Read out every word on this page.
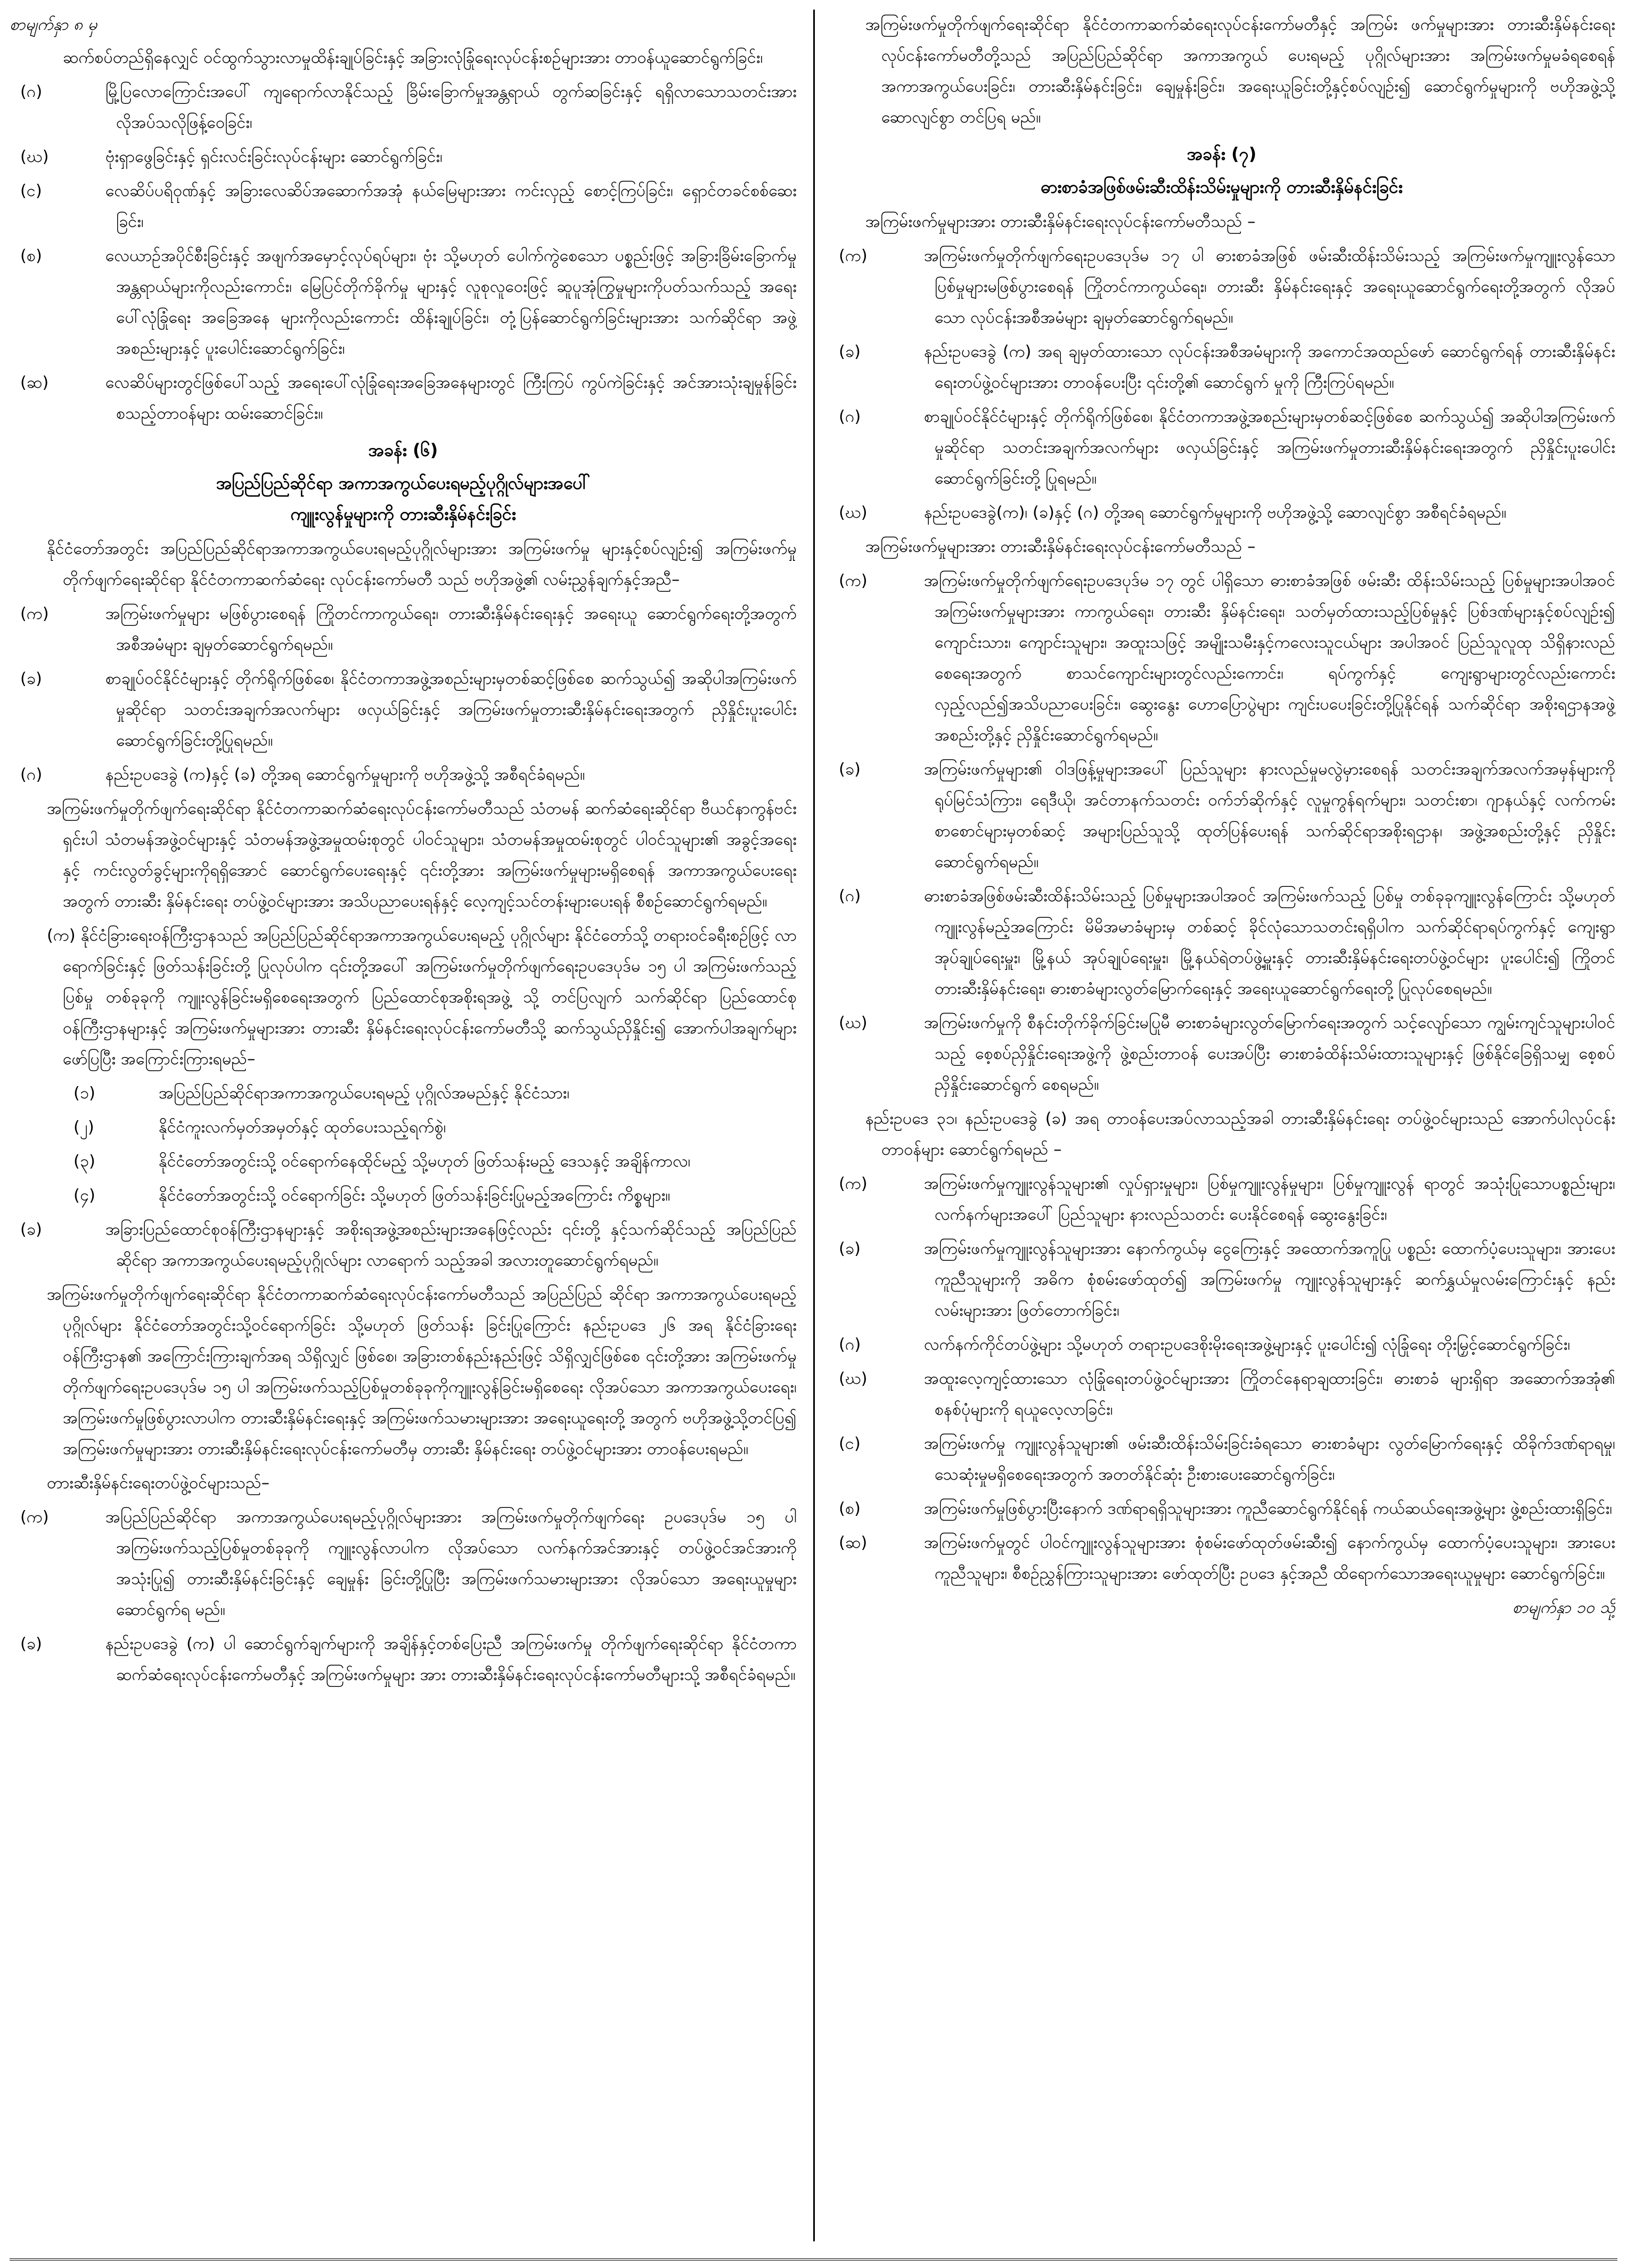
စာမျက်နှာ ၈ မှ
ဆက်စပ်တည်ရှိနေလျှင် ဝင်ထွက်သွားလာမှုထိန်းချုပ်ခြင်းနှင့် အခြားလုံခြုံရေးလုပ်ငန်းစဉ်များအား တာဝန်ယူဆောင်ရွက်ခြင်း၊
(ဂ)	မြို့ပြလောကြောင်းအပေါ် ကျရောက်လာနိုင်သည့် ခြိမ်းခြောက်မှုအန္တရာယ် တွက်ဆခြင်းနှင့် ရရှိလာသောသတင်းအား လိုအပ်သလိုဖြန့်ဝေခြင်း၊
(ဃ)	ဗုံးရှာဖွေခြင်းနှင့် ရှင်းလင်းခြင်းလုပ်ငန်းများ ဆောင်ရွက်ခြင်း၊
(င)	လေဆိပ်ပရိဝုဏ်နှင့် အခြားလေဆိပ်အဆောက်အအုံ နယ်မြေများအား ကင်းလှည့် စောင့်ကြပ်ခြင်း၊ ရှောင်တခင်စစ်ဆေးခြင်း၊
(စ)	လေယာဉ်အပိုင်စီးခြင်းနှင့် အဖျက်အမှောင့်လုပ်ရပ်များ၊ ဗုံး သို့မဟုတ် ပေါက်ကွဲစေသော ပစ္စည်းဖြင့် အခြားခြိမ်းခြောက်မှု အန္တရာယ်များကိုလည်းကောင်း၊ မြေပြင်တိုက်ခိုက်မှု များနှင့် လူစုလူဝေးဖြင့် ဆူပူအုံကြွမှုများကိုပတ်သက်သည့် အရေးပေါ်လုံခြုံရေး အခြေအနေ များကိုလည်းကောင်း ထိန်းချုပ်ခြင်း၊ တုံ့ပြန်ဆောင်ရွက်ခြင်းများအား သက်ဆိုင်ရာ အဖွဲ့အစည်းများနှင့် ပူးပေါင်းဆောင်ရွက်ခြင်း၊
(ဆ)	လေဆိပ်များတွင်ဖြစ်ပေါ်သည့် အရေးပေါ်လုံခြုံရေးအခြေအနေများတွင် ကြီးကြပ် ကွပ်ကဲခြင်းနှင့် အင်အားသုံးချမှုန်ခြင်း စသည့်တာဝန်များ ထမ်းဆောင်ခြင်း။
အခန်း (၆)
အပြည်ပြည်ဆိုင်ရာ အကာအကွယ်ပေးရမည့်ပုဂ္ဂိုလ်များအပေါ်
ကျူးလွန်မှုများကို တားဆီးနှိမ်နင်းခြင်း
နိုင်ငံတော်အတွင်း အပြည်ပြည်ဆိုင်ရာအကာအကွယ်ပေးရမည့်ပုဂ္ဂိုလ်များအား အကြမ်းဖက်မှု များနှင့်စပ်လျဉ်း၍ အကြမ်းဖက်မှုတိုက်ဖျက်ရေးဆိုင်ရာ နိုင်ငံတကာဆက်ဆံရေး လုပ်ငန်းကော်မတီ သည် ဗဟိုအဖွဲ့၏ လမ်းညွှန်ချက်နှင့်အညီ–
(က)	အကြမ်းဖက်မှုများ မဖြစ်ပွားစေရန် ကြိုတင်ကာကွယ်ရေး၊ တားဆီးနှိမ်နင်းရေးနှင့် အရေးယူ ဆောင်ရွက်ရေးတို့အတွက် အစီအမံများ ချမှတ်ဆောင်ရွက်ရမည်။
(ခ)	စာချုပ်ဝင်နိုင်ငံများနှင့် တိုက်ရိုက်ဖြစ်စေ၊ နိုင်ငံတကာအဖွဲ့အစည်းများမှတစ်ဆင့်ဖြစ်စေ ဆက်သွယ်၍ အဆိုပါအကြမ်းဖက်မှုဆိုင်ရာ သတင်းအချက်အလက်များ ဖလှယ်ခြင်းနှင့် အကြမ်းဖက်မှုတားဆီးနှိမ်နင်းရေးအတွက် ညှိနှိုင်းပူးပေါင်းဆောင်ရွက်ခြင်းတို့ပြုရမည်။
(ဂ)	နည်းဥပဒေခွဲ (က)နှင့် (ခ) တို့အရ ဆောင်ရွက်မှုများကို ဗဟိုအဖွဲ့သို့ အစီရင်ခံရမည်။
အကြမ်းဖက်မှုတိုက်ဖျက်ရေးဆိုင်ရာ နိုင်ငံတကာဆက်ဆံရေးလုပ်ငန်းကော်မတီသည် သံတမန် ဆက်ဆံရေးဆိုင်ရာ ဗီယင်နာကွန်ဗင်းရှင်းပါ သံတမန်အဖွဲ့ဝင်များနှင့် သံတမန်အဖွဲ့အမှုထမ်းစုတွင် ပါဝင်သူများ၊ သံတမန်အမှုထမ်းစုတွင် ပါဝင်သူများ၏ အခွင့်အရေးနှင့် ကင်းလွတ်ခွင့်များကိုရရှိအောင် ဆောင်ရွက်ပေးရေးနှင့် ၎င်းတို့အား အကြမ်းဖက်မှုများမရှိစေရန် အကာအကွယ်ပေးရေးအတွက် တားဆီး နှိမ်နင်းရေး တပ်ဖွဲ့ဝင်များအား အသိပညာပေးရန်နှင့် လေ့ကျင့်သင်တန်းများပေးရန် စီစဉ်ဆောင်ရွက်ရမည်။
(က) နိုင်ငံခြားရေးဝန်ကြီးဌာနသည် အပြည်ပြည်ဆိုင်ရာအကာအကွယ်ပေးရမည့် ပုဂ္ဂိုလ်များ နိုင်ငံတော်သို့ တရားဝင်ခရီးစဉ်ဖြင့် လာရောက်ခြင်းနှင့် ဖြတ်သန်းခြင်းတို့ ပြုလုပ်ပါက ၎င်းတို့အပေါ် အကြမ်းဖက်မှုတိုက်ဖျက်ရေးဥပဒေပုဒ်မ ၁၅ ပါ အကြမ်းဖက်သည့် ပြစ်မှု တစ်ခုခုကို ကျူးလွန်ခြင်းမရှိစေရေးအတွက် ပြည်ထောင်စုအစိုးရအဖွဲ့ သို့ တင်ပြလျက် သက်ဆိုင်ရာ ပြည်ထောင်စုဝန်ကြီးဌာနများနှင့် အကြမ်းဖက်မှုများအား တားဆီး နှိမ်နင်းရေးလုပ်ငန်းကော်မတီသို့ ဆက်သွယ်ညှိနှိုင်း၍ အောက်ပါအချက်များ ဖော်ပြပြီး အကြောင်းကြားရမည်–
(၁)	အပြည်ပြည်ဆိုင်ရာအကာအကွယ်ပေးရမည့် ပုဂ္ဂိုလ်အမည်နှင့် နိုင်ငံသား၊
(၂)	နိုင်ငံကူးလက်မှတ်အမှတ်နှင့် ထုတ်ပေးသည့်ရက်စွဲ၊
(၃)	နိုင်ငံတော်အတွင်းသို့ ဝင်ရောက်နေထိုင်မည့် သို့မဟုတ် ဖြတ်သန်းမည့် ဒေသနှင့် အချိန်ကာလ၊
(၄)	နိုင်ငံတော်အတွင်းသို့ ဝင်ရောက်ခြင်း သို့မဟုတ် ဖြတ်သန်းခြင်းပြုမည့်အကြောင်း ကိစ္စများ။
(ခ)	အခြားပြည်ထောင်စုဝန်ကြီးဌာနများနှင့် အစိုးရအဖွဲ့အစည်းများအနေဖြင့်လည်း ၎င်းတို့ နှင့်သက်ဆိုင်သည့် အပြည်ပြည်ဆိုင်ရာ အကာအကွယ်ပေးရမည့်ပုဂ္ဂိုလ်များ လာရောက် သည့်အခါ အလားတူဆောင်ရွက်ရမည်။
အကြမ်းဖက်မှုတိုက်ဖျက်ရေးဆိုင်ရာ နိုင်ငံတကာဆက်ဆံရေးလုပ်ငန်းကော်မတီသည် အပြည်ပြည် ဆိုင်ရာ အကာအကွယ်ပေးရမည့်ပုဂ္ဂိုလ်များ နိုင်ငံတော်အတွင်းသို့ဝင်ရောက်ခြင်း သို့မဟုတ် ဖြတ်သန်း ခြင်းပြုကြောင်း နည်းဥပဒေ ၂၆ အရ နိုင်ငံခြားရေးဝန်ကြီးဌာန၏ အကြောင်းကြားချက်အရ သိရှိလျှင် ဖြစ်စေ၊ အခြားတစ်နည်းနည်းဖြင့် သိရှိလျှင်ဖြစ်စေ ၎င်းတို့အား အကြမ်းဖက်မှု တိုက်ဖျက်ရေးဥပဒေပုဒ်မ ၁၅ ပါ အကြမ်းဖက်သည့်ပြစ်မှုတစ်ခုခုကိုကျူးလွန်ခြင်းမရှိစေရေး လိုအပ်သော အကာအကွယ်ပေးရေး၊ အကြမ်းဖက်မှုဖြစ်ပွားလာပါက တားဆီးနှိမ်နင်းရေးနှင့် အကြမ်းဖက်သမားများအား အရေးယူရေးတို့ အတွက် ဗဟိုအဖွဲ့သို့တင်ပြ၍ အကြမ်းဖက်မှုများအား တားဆီးနှိမ်နင်းရေးလုပ်ငန်းကော်မတီမှ တားဆီး နှိမ်နင်းရေး တပ်ဖွဲ့ဝင်များအား တာဝန်ပေးရမည်။
တားဆီးနှိမ်နင်းရေးတပ်ဖွဲ့ဝင်များသည်–
(က)	အပြည်ပြည်ဆိုင်ရာ အကာအကွယ်ပေးရမည့်ပုဂ္ဂိုလ်များအား အကြမ်းဖက်မှုတိုက်ဖျက်ရေး ဥပဒေပုဒ်မ ၁၅ ပါ အကြမ်းဖက်သည့်ပြစ်မှုတစ်ခုခုကို ကျူးလွန်လာပါက လိုအပ်သော လက်နက်အင်အားနှင့် တပ်ဖွဲ့ဝင်အင်အားကိုအသုံးပြု၍ တားဆီးနှိမ်နင်းခြင်းနှင့် ချေမှုန်း ခြင်းတို့ပြုပြီး အကြမ်းဖက်သမားများအား လိုအပ်သော အရေးယူမှုများ ဆောင်ရွက်ရ မည်။
(ခ)	နည်းဥပဒေခွဲ (က) ပါ ဆောင်ရွက်ချက်များကို အချိန်နှင့်တစ်ပြေးညီ အကြမ်းဖက်မှု တိုက်ဖျက်ရေးဆိုင်ရာ နိုင်ငံတကာဆက်ဆံရေးလုပ်ငန်းကော်မတီနှင့် အကြမ်းဖက်မှုများ အား တားဆီးနှိမ်နင်းရေးလုပ်ငန်းကော်မတီများသို့ အစီရင်ခံရမည်။
အကြမ်းဖက်မှုတိုက်ဖျက်ရေးဆိုင်ရာ နိုင်ငံတကာဆက်ဆံရေးလုပ်ငန်းကော်မတီနှင့် အကြမ်း ဖက်မှုများအား တားဆီးနှိမ်နင်းရေးလုပ်ငန်းကော်မတီတို့သည် အပြည်ပြည်ဆိုင်ရာ အကာအကွယ် ပေးရမည့် ပုဂ္ဂိုလ်များအား အကြမ်းဖက်မှုမခံရစေရန် အကာအကွယ်ပေးခြင်း၊ တားဆီးနှိမ်နင်းခြင်း၊ ချေမှုန်းခြင်း၊ အရေးယူခြင်းတို့နှင့်စပ်လျဉ်း၍ ဆောင်ရွက်မှုများကို ဗဟိုအဖွဲ့သို့ ဆောလျင်စွာ တင်ပြရ မည်။
အခန်း (၇)
ဓားစာခံအဖြစ်ဖမ်းဆီးထိန်းသိမ်းမှုများကို တားဆီးနှိမ်နင်းခြင်း
အကြမ်းဖက်မှုများအား တားဆီးနှိမ်နင်းရေးလုပ်ငန်းကော်မတီသည် –
(က)	အကြမ်းဖက်မှုတိုက်ဖျက်ရေးဥပဒေပုဒ်မ ၁၇ ပါ ဓားစာခံအဖြစ် ဖမ်းဆီးထိန်းသိမ်းသည့် အကြမ်းဖက်မှုကျူးလွန်သော ပြစ်မှုများမဖြစ်ပွားစေရန် ကြိုတင်ကာကွယ်ရေး၊ တားဆီး နှိမ်နင်းရေးနှင့် အရေးယူဆောင်ရွက်ရေးတို့အတွက် လိုအပ်သော လုပ်ငန်းအစီအမံများ ချမှတ်ဆောင်ရွက်ရမည်။
(ခ)	နည်းဥပဒေခွဲ (က) အရ ချမှတ်ထားသော လုပ်ငန်းအစီအမံများကို အကောင်အထည်ဖော် ဆောင်ရွက်ရန် တားဆီးနှိမ်နင်းရေးတပ်ဖွဲ့ဝင်များအား တာဝန်ပေးပြီး ၎င်းတို့၏ ဆောင်ရွက် မှုကို ကြီးကြပ်ရမည်။
(ဂ)	စာချုပ်ဝင်နိုင်ငံများနှင့် တိုက်ရိုက်ဖြစ်စေ၊ နိုင်ငံတကာအဖွဲ့အစည်းများမှတစ်ဆင့်ဖြစ်စေ ဆက်သွယ်၍ အဆိုပါအကြမ်းဖက်မှုဆိုင်ရာ သတင်းအချက်အလက်များ ဖလှယ်ခြင်းနှင့် အကြမ်းဖက်မှုတားဆီးနှိမ်နင်းရေးအတွက် ညှိနှိုင်းပူးပေါင်းဆောင်ရွက်ခြင်းတို့ ပြုရမည်။
(ဃ)	နည်းဥပဒေခွဲ(က)၊ (ခ)နှင့် (ဂ) တို့အရ ဆောင်ရွက်မှုများကို ဗဟိုအဖွဲ့သို့ ဆောလျင်စွာ အစီရင်ခံရမည်။
အကြမ်းဖက်မှုများအား တားဆီးနှိမ်နင်းရေးလုပ်ငန်းကော်မတီသည် –
(က)	အကြမ်းဖက်မှုတိုက်ဖျက်ရေးဥပဒေပုဒ်မ ၁၇ တွင် ပါရှိသော ဓားစာခံအဖြစ် ဖမ်းဆီး ထိန်းသိမ်းသည့် ပြစ်မှုများအပါအဝင် အကြမ်းဖက်မှုများအား ကာကွယ်ရေး၊ တားဆီး နှိမ်နင်းရေး၊ သတ်မှတ်ထားသည့်ပြစ်မှုနှင့် ပြစ်ဒဏ်များနှင့်စပ်လျဉ်း၍ ကျောင်းသား၊ ကျောင်းသူများ၊ အထူးသဖြင့် အမျိုးသမီးနှင့်ကလေးသူငယ်များ အပါအဝင် ပြည်သူလူထု သိရှိနားလည်စေရေးအတွက် စာသင်ကျောင်းများတွင်လည်းကောင်း၊ ရပ်ကွက်နှင့် ကျေးရွာများတွင်လည်းကောင်း လှည့်လည်၍အသိပညာပေးခြင်း၊ ဆွေးနွေး ဟောပြောပွဲများ ကျင်းပပေးခြင်းတို့ပြုနိုင်ရန် သက်ဆိုင်ရာ အစိုးရဌာနအဖွဲ့အစည်းတို့နှင့် ညှိနှိုင်းဆောင်ရွက်ရမည်။
(ခ)	အကြမ်းဖက်မှုများ၏ ဝါဒဖြန့်မှုများအပေါ် ပြည်သူများ နားလည်မှုမလွဲမှားစေရန် သတင်းအချက်အလက်အမှန်များကို ရုပ်မြင်သံကြား၊ ရေဒီယို၊ အင်တာနက်သတင်း ဝက်ဘ်ဆိုက်နှင့် လူမှုကွန်ရက်များ၊ သတင်းစာ၊ ဂျာနယ်နှင့် လက်ကမ်းစာစောင်များမှတစ်ဆင့် အများပြည်သူသို့ ထုတ်ပြန်ပေးရန် သက်ဆိုင်ရာအစိုးရဌာန၊ အဖွဲ့အစည်းတို့နှင့် ညှိနှိုင်း ဆောင်ရွက်ရမည်။
(ဂ)	ဓားစာခံအဖြစ်ဖမ်းဆီးထိန်းသိမ်းသည့် ပြစ်မှုများအပါအဝင် အကြမ်းဖက်သည့် ပြစ်မှု တစ်ခုခုကျူးလွန်ကြောင်း သို့မဟုတ် ကျူးလွန်မည့်အကြောင်း မိမိအမာခံများမှ တစ်ဆင့် ခိုင်လုံသောသတင်းရရှိပါက သက်ဆိုင်ရာရပ်ကွက်နှင့် ကျေးရွာအုပ်ချုပ်ရေးမှူး၊ မြို့နယ် အုပ်ချုပ်ရေးမှူး၊ မြို့နယ်ရဲတပ်ဖွဲ့မှူးနှင့် တားဆီးနှိမ်နင်းရေးတပ်ဖွဲ့ဝင်များ ပူးပေါင်း၍ ကြိုတင်တားဆီးနှိမ်နင်းရေး၊ ဓားစာခံများလွတ်မြောက်ရေးနှင့် အရေးယူဆောင်ရွက်ရေးတို့ ပြုလုပ်စေရမည်။
(ဃ)	အကြမ်းဖက်မှုကို စီနင်းတိုက်ခိုက်ခြင်းမပြုမီ ဓားစာခံများလွတ်မြောက်ရေးအတွက် သင့်လျော်သော ကျွမ်းကျင်သူများပါဝင်သည့် စေ့စပ်ညှိနှိုင်းရေးအဖွဲ့ကို ဖွဲ့စည်းတာဝန် ပေးအပ်ပြီး ဓားစာခံထိန်းသိမ်းထားသူများနှင့် ဖြစ်နိုင်ခြေရှိသမျှ စေ့စပ်ညှိနှိုင်းဆောင်ရွက် စေရမည်။
နည်းဥပဒေ ၃၁၊ နည်းဥပဒေခွဲ (ခ) အရ တာဝန်ပေးအပ်လာသည့်အခါ တားဆီးနှိမ်နင်းရေး တပ်ဖွဲ့ဝင်များသည် အောက်ပါလုပ်ငန်းတာဝန်များ ဆောင်ရွက်ရမည် –
(က)	အကြမ်းဖက်မှုကျူးလွန်သူများ၏ လှုပ်ရှားမှုများ၊ ပြစ်မှုကျူးလွန်မှုများ၊ ပြစ်မှုကျူးလွန် ရာတွင် အသုံးပြုသောပစ္စည်းများ၊ လက်နက်များအပေါ် ပြည်သူများ နားလည်သတင်း ပေးနိုင်စေရန် ဆွေးနွေးခြင်း၊
(ခ)	အကြမ်းဖက်မှုကျူးလွန်သူများအား နောက်ကွယ်မှ ငွေကြေးနှင့် အထောက်အကူပြု ပစ္စည်း ထောက်ပံ့ပေးသူများ၊ အားပေးကူညီသူများကို အဓိက စုံစမ်းဖော်ထုတ်၍ အကြမ်းဖက်မှု ကျူးလွန်သူများနှင့် ဆက်နွှယ်မှုလမ်းကြောင်းနှင့် နည်းလမ်းများအား ဖြတ်တောက်ခြင်း၊
(ဂ)	လက်နက်ကိုင်တပ်ဖွဲ့များ သို့မဟုတ် တရားဥပဒေစိုးမိုးရေးအဖွဲ့များနှင့် ပူးပေါင်း၍ လုံခြုံရေး တိုးမြှင့်ဆောင်ရွက်ခြင်း၊
(ဃ)	အထူးလေ့ကျင့်ထားသော လုံခြုံရေးတပ်ဖွဲ့ဝင်များအား ကြိုတင်နေရာချထားခြင်း၊ ဓားစာခံ များရှိရာ အဆောက်အအုံ၏ စနစ်ပုံများကို ရယူလေ့လာခြင်း၊
(င)	အကြမ်းဖက်မှု ကျူးလွန်သူများ၏ ဖမ်းဆီးထိန်းသိမ်းခြင်းခံရသော ဓားစာခံများ လွတ်မြောက်ရေးနှင့် ထိခိုက်ဒဏ်ရာရမှု၊ သေဆုံးမှုမရှိစေရေးအတွက် အတတ်နိုင်ဆုံး ဦးစားပေးဆောင်ရွက်ခြင်း၊
(စ)	အကြမ်းဖက်မှုဖြစ်ပွားပြီးနောက် ဒဏ်ရာရရှိသူများအား ကူညီဆောင်ရွက်နိုင်ရန် ကယ်ဆယ်ရေးအဖွဲ့များ ဖွဲ့စည်းထားရှိခြင်း၊
(ဆ)	အကြမ်းဖက်မှုတွင် ပါဝင်ကျူးလွန်သူများအား စုံစမ်းဖော်ထုတ်ဖမ်းဆီး၍ နောက်ကွယ်မှ ထောက်ပံ့ပေးသူများ၊ အားပေးကူညီသူများ၊ စီစဉ်ညွှန်ကြားသူများအား ဖော်ထုတ်ပြီး ဥပဒေ နှင့်အညီ ထိရောက်သောအရေးယူမှုများ ဆောင်ရွက်ခြင်း။
စာမျက်နှာ ၁၀ သို့
